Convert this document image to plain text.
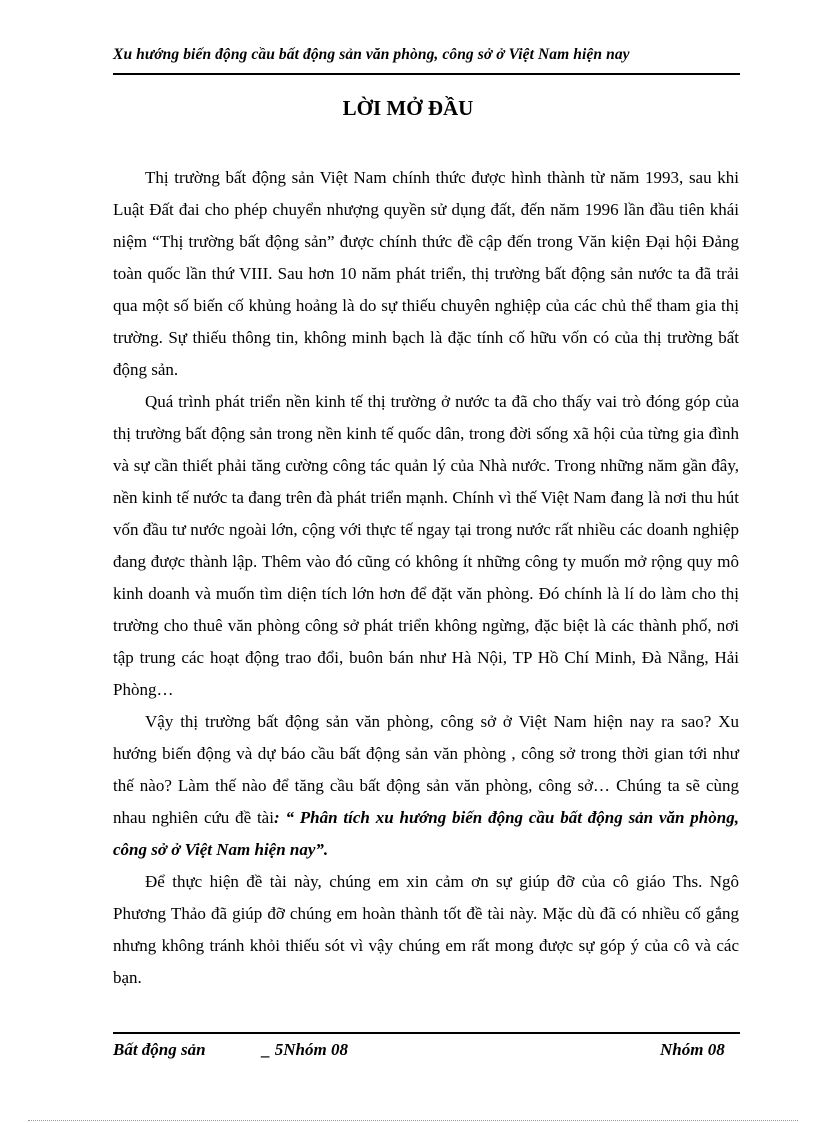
Xu hướng biến động cầu bất động sản văn phòng, công sở ở Việt Nam hiện nay
LỜI MỞ ĐẦU

Thị trường bất động sản Việt Nam chính thức được hình thành từ năm 1993, sau khi Luật Đất đai cho phép chuyển nhượng quyền sử dụng đất, đến năm 1996 lần đầu tiên khái niệm “Thị trường bất động sản” được chính thức đề cập đến trong Văn kiện Đại hội Đảng toàn quốc lần thứ VIII. Sau hơn 10 năm phát triển, thị trường bất động sản nước ta đã trải qua một số biến cố khủng hoảng là do sự thiếu chuyên nghiệp của các chủ thể tham gia thị trường. Sự thiếu thông tin, không minh bạch là đặc tính cố hữu vốn có của thị trường bất động sản.

Quá trình phát triển nền kinh tế thị trường ở nước ta đã cho thấy vai trò đóng góp của thị trường bất động sản trong nền kinh tế quốc dân, trong đời sống xã hội của từng gia đình và sự cần thiết phải tăng cường công tác quản lý của Nhà nước. Trong những năm gần đây, nền kinh tế nước ta đang trên đà phát triển mạnh. Chính vì thế Việt Nam đang là nơi thu hút vốn đầu tư nước ngoài lớn, cộng với thực tế ngay tại trong nước rất nhiều các doanh nghiệp đang được thành lập. Thêm vào đó cũng có không ít những công ty muốn mở rộng quy mô kinh doanh và muốn tìm diện tích lớn hơn để đặt văn phòng. Đó chính là lí do làm cho thị trường cho thuê văn phòng công sở phát triển không ngừng, đặc biệt là các thành phố, nơi tập trung các hoạt động trao đổi, buôn bán như Hà Nội, TP Hồ Chí Minh, Đà Nẵng, Hải Phòng…

Vậy thị trường bất động sản văn phòng, công sở ở Việt Nam hiện nay ra sao? Xu hướng biến động và dự báo cầu bất động sản văn phòng , công sở trong thời gian tới như thế nào? Làm thế nào để tăng cầu bất động sản văn phòng, công sở… Chúng ta sẽ cùng nhau nghiên cứu đề tài: “ Phân tích xu hướng biến động cầu bất động sản văn phòng, công sở ở Việt Nam hiện nay”.

Để thực hiện đề tài này, chúng em xin cảm ơn sự giúp đỡ của cô giáo Ths. Ngô Phương Thảo đã giúp đỡ chúng em hoàn thành tốt đề tài này. Mặc dù đã có nhiều cố gắng nhưng không tránh khỏi thiếu sót vì vậy chúng em rất mong được sự góp ý của cô và các bạn.

Bất động sản	_ 5Nhóm 08	Nhóm 08
